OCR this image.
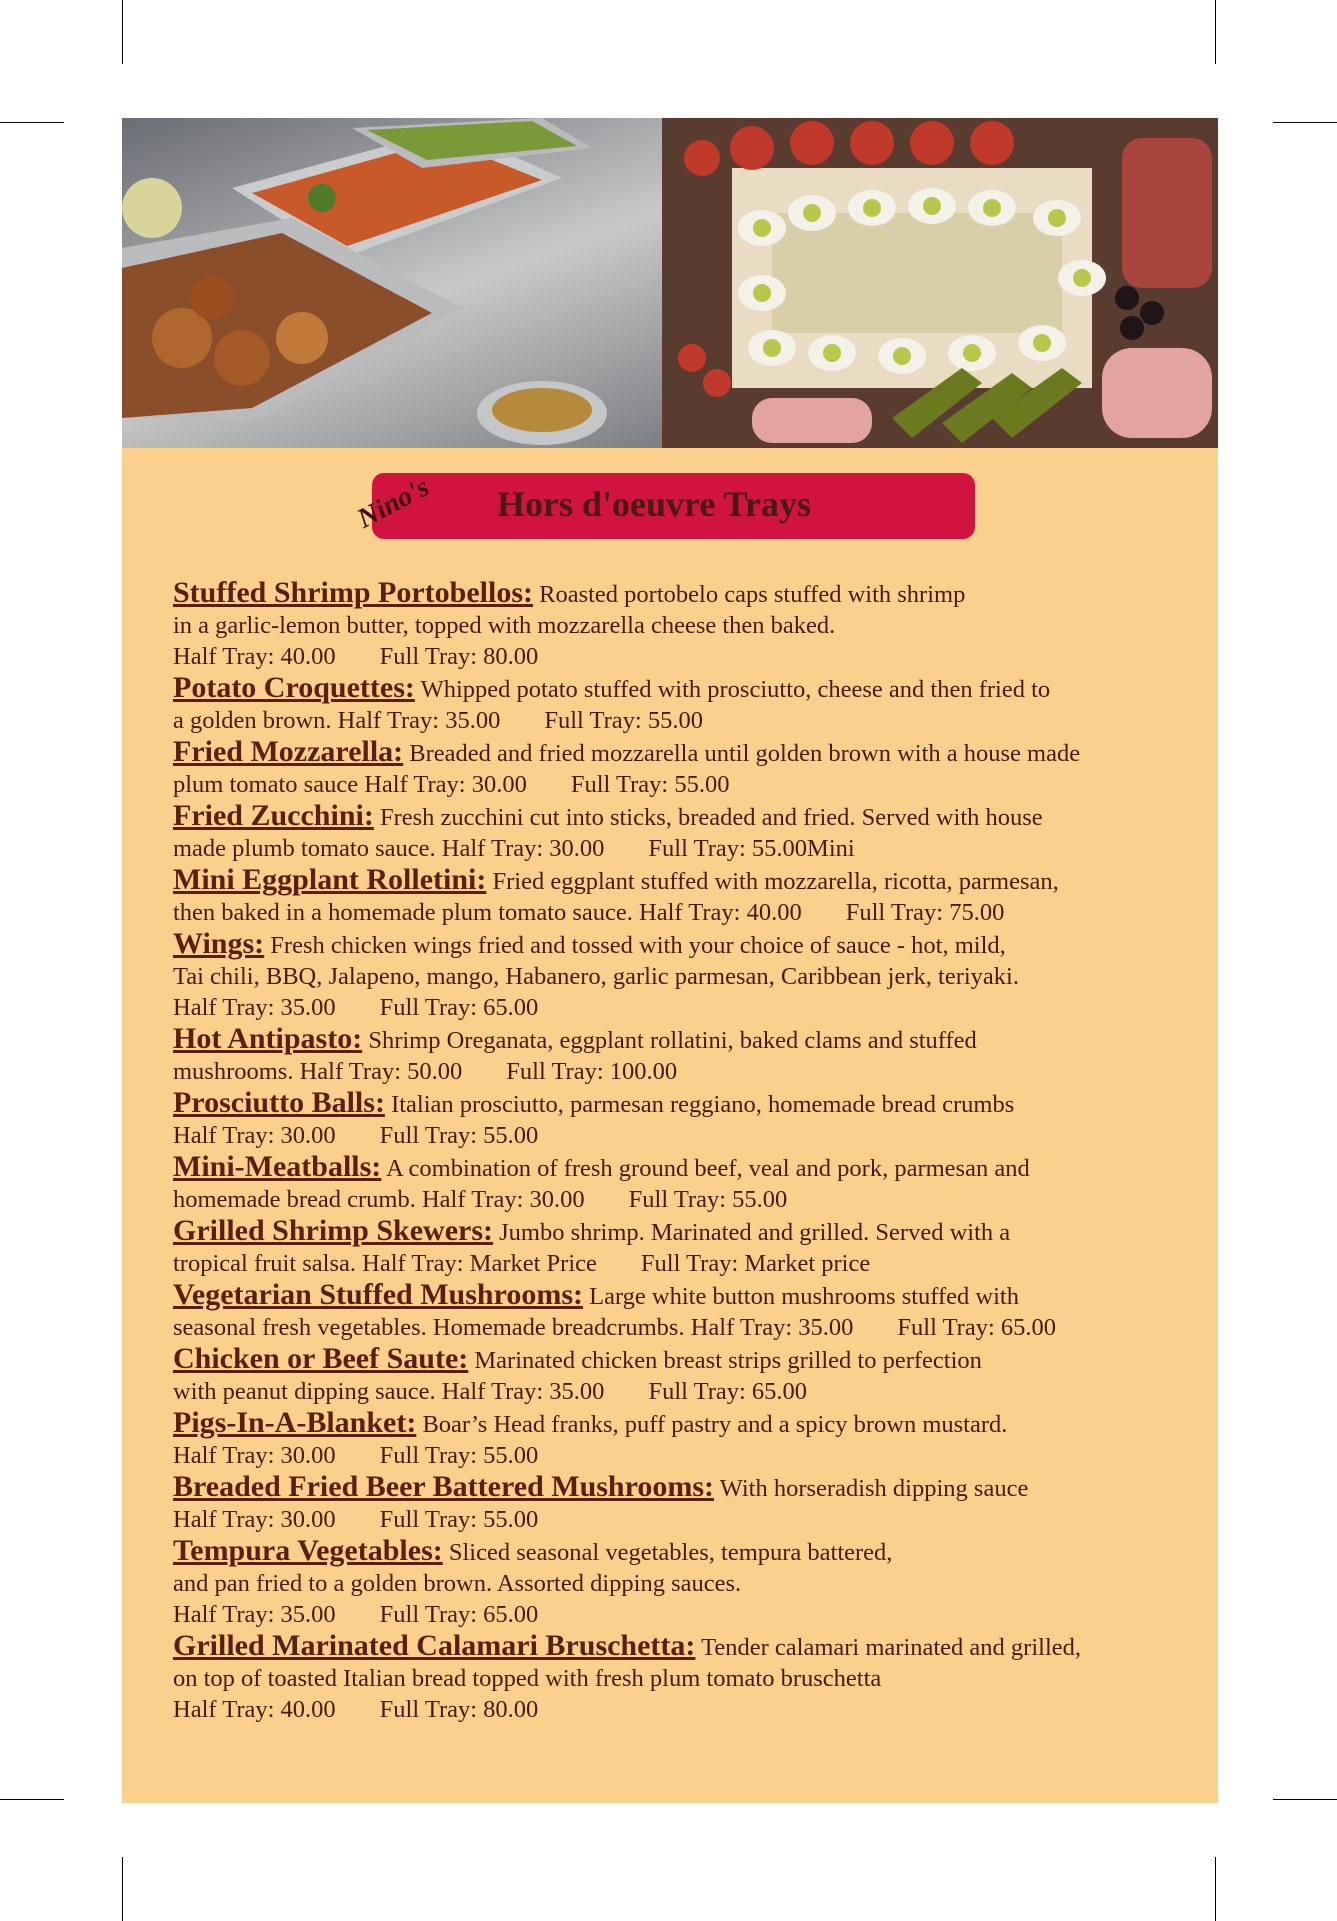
Nino's	Hors d'oeuvre Trays
Stuffed Shrimp Portobellos: Roasted portobelo caps stuffed with shrimp
in a garlic-lemon butter, topped with mozzarella cheese then baked.
Half Tray: 40.00 Full Tray: 80.00
Potato Croquettes: Whipped potato stuffed with prosciutto, cheese and then fried to
a golden brown. Half Tray: 35.00 Full Tray: 55.00
Fried Mozzarella: Breaded and fried mozzarella until golden brown with a house made
plum tomato sauce Half Tray: 30.00 Full Tray: 55.00
Fried Zucchini: Fresh zucchini cut into sticks, breaded and fried. Served with house
made plumb tomato sauce. Half Tray: 30.00 Full Tray: 55.00Mini
Mini Eggplant Rolletini: Fried eggplant stuffed with mozzarella, ricotta, parmesan,
then baked in a homemade plum tomato sauce. Half Tray: 40.00 Full Tray: 75.00
Wings: Fresh chicken wings fried and tossed with your choice of sauce - hot, mild,
Tai chili, BBQ, Jalapeno, mango, Habanero, garlic parmesan, Caribbean jerk, teriyaki.
Half Tray: 35.00 Full Tray: 65.00
Hot Antipasto: Shrimp Oreganata, eggplant rollatini, baked clams and stuffed
mushrooms. Half Tray: 50.00 Full Tray: 100.00
Prosciutto Balls: Italian prosciutto, parmesan reggiano, homemade bread crumbs
Half Tray: 30.00 Full Tray: 55.00
Mini-Meatballs: A combination of fresh ground beef, veal and pork, parmesan and
homemade bread crumb. Half Tray: 30.00 Full Tray: 55.00
Grilled Shrimp Skewers: Jumbo shrimp. Marinated and grilled. Served with a
tropical fruit salsa. Half Tray: Market Price Full Tray: Market price
Vegetarian Stuffed Mushrooms: Large white button mushrooms stuffed with
seasonal fresh vegetables. Homemade breadcrumbs. Half Tray: 35.00 Full Tray: 65.00
Chicken or Beef Saute: Marinated chicken breast strips grilled to perfection
with peanut dipping sauce. Half Tray: 35.00 Full Tray: 65.00
Pigs-In-A-Blanket: Boar’s Head franks, puff pastry and a spicy brown mustard.
Half Tray: 30.00 Full Tray: 55.00
Breaded Fried Beer Battered Mushrooms: With horseradish dipping sauce
Half Tray: 30.00 Full Tray: 55.00
Tempura Vegetables: Sliced seasonal vegetables, tempura battered,
and pan fried to a golden brown. Assorted dipping sauces.
Half Tray: 35.00 Full Tray: 65.00
Grilled Marinated Calamari Bruschetta: Tender calamari marinated and grilled,
on top of toasted Italian bread topped with fresh plum tomato bruschetta
Half Tray: 40.00 Full Tray: 80.00
